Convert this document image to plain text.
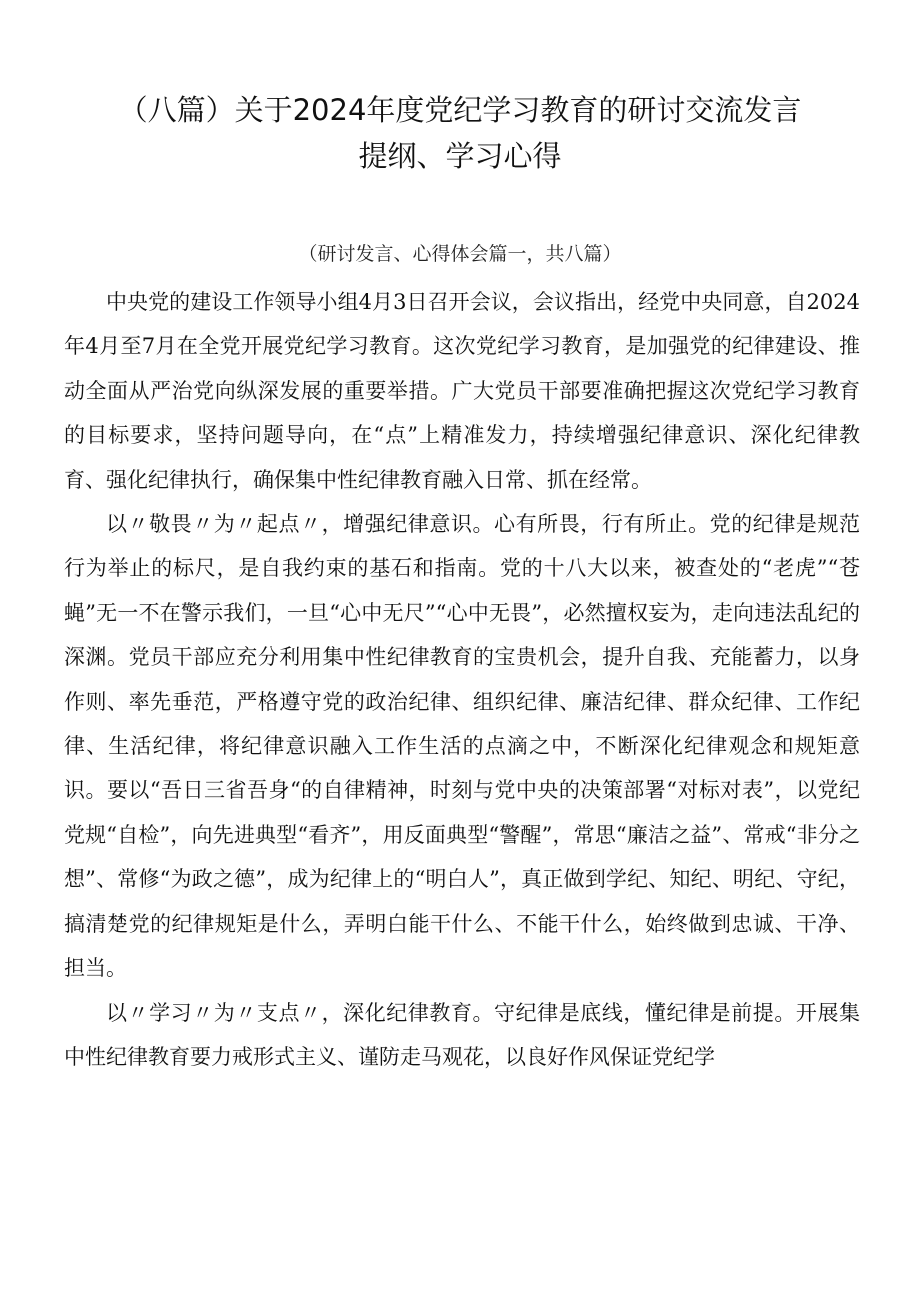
（八篇）关于2024年度党纪学习教育的研讨交流发言
提纲、学习心得
（研讨发言、心得体会篇一，共八篇）

中央党的建设工作领导小组4月3日召开会议，会议指出，经党中央同意，自2024年4月至7月在全党开展党纪学习教育。这次党纪学习教育，是加强党的纪律建设、推动全面从严治党向纵深发展的重要举措。广大党员干部要准确把握这次党纪学习教育的目标要求，坚持问题导向，在“点”上精准发力，持续增强纪律意识、深化纪律教育、强化纪律执行，确保集中性纪律教育融入日常、抓在经常。

以〃敬畏〃为〃起点〃，增强纪律意识。心有所畏，行有所止。党的纪律是规范行为举止的标尺，是自我约束的基石和指南。党的十八大以来，被查处的“老虎”“苍蝇”无一不在警示我们，一旦“心中无尺”“心中无畏”，必然擅权妄为，走向违法乱纪的深渊。党员干部应充分利用集中性纪律教育的宝贵机会，提升自我、充能蓄力，以身作则、率先垂范，严格遵守党的政治纪律、组织纪律、廉洁纪律、群众纪律、工作纪律、生活纪律，将纪律意识融入工作生活的点滴之中，不断深化纪律观念和规矩意识。要以“吾日三省吾身“的自律精神，时刻与党中央的决策部署“对标对表”，以党纪党规“自检”，向先进典型“看齐”，用反面典型“警醒”，常思“廉洁之益”、常戒“非分之想”、常修“为政之德”，成为纪律上的“明白人”，真正做到学纪、知纪、明纪、守纪，搞清楚党的纪律规矩是什么，弄明白能干什么、不能干什么，始终做到忠诚、干净、担当。

以〃学习〃为〃支点〃，深化纪律教育。守纪律是底线，懂纪律是前提。开展集中性纪律教育要力戒形式主义、谨防走马观花，以良好作风保证党纪学
